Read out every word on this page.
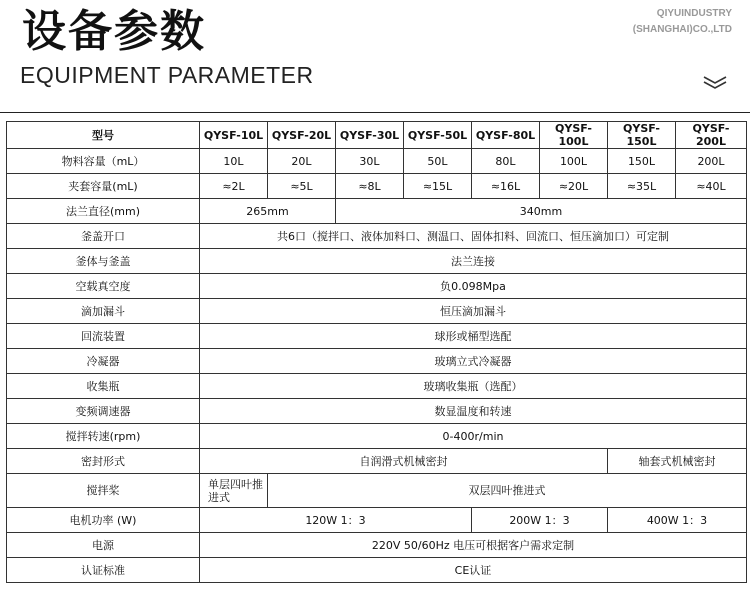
设备参数
EQUIPMENT PARAMETER
QIYUINDUSTRY
(SHANGHAI)CO.,LTD
型号	QYSF-10L	QYSF-20L	QYSF-30L	QYSF-50L	QYSF-80L	QYSF-100L	QYSF-150L	QYSF-200L
物料容量（mL）	10L	20L	30L	50L	80L	100L	150L	200L
夹套容量(mL)	≈2L	≈5L	≈8L	≈15L	≈16L	≈20L	≈35L	≈40L
法兰直径(mm)	265mm		340mm					
釜盖开口	共6口（搅拌口、液体加料口、测温口、固体扣料、回流口、恒压滴加口）可定制							
釜体与釜盖	法兰连接							
空载真空度	负0.098Mpa							
滴加漏斗	恒压滴加漏斗							
回流装置	球形或桶型选配							
冷凝器	玻璃立式冷凝器							
收集瓶	玻璃收集瓶（选配）							
变频调速器	数显温度和转速							
搅拌转速(rpm)	0-400r/min							
密封形式	自润滑式机械密封						轴套式机械密封	
搅拌桨	单层四叶推进式	双层四叶推进式						
电机功率 (W)	120W 1：3				200W 1：3		400W 1：3	
电源	220V 50/60Hz 电压可根据客户需求定制							
认证标准	CE认证							
